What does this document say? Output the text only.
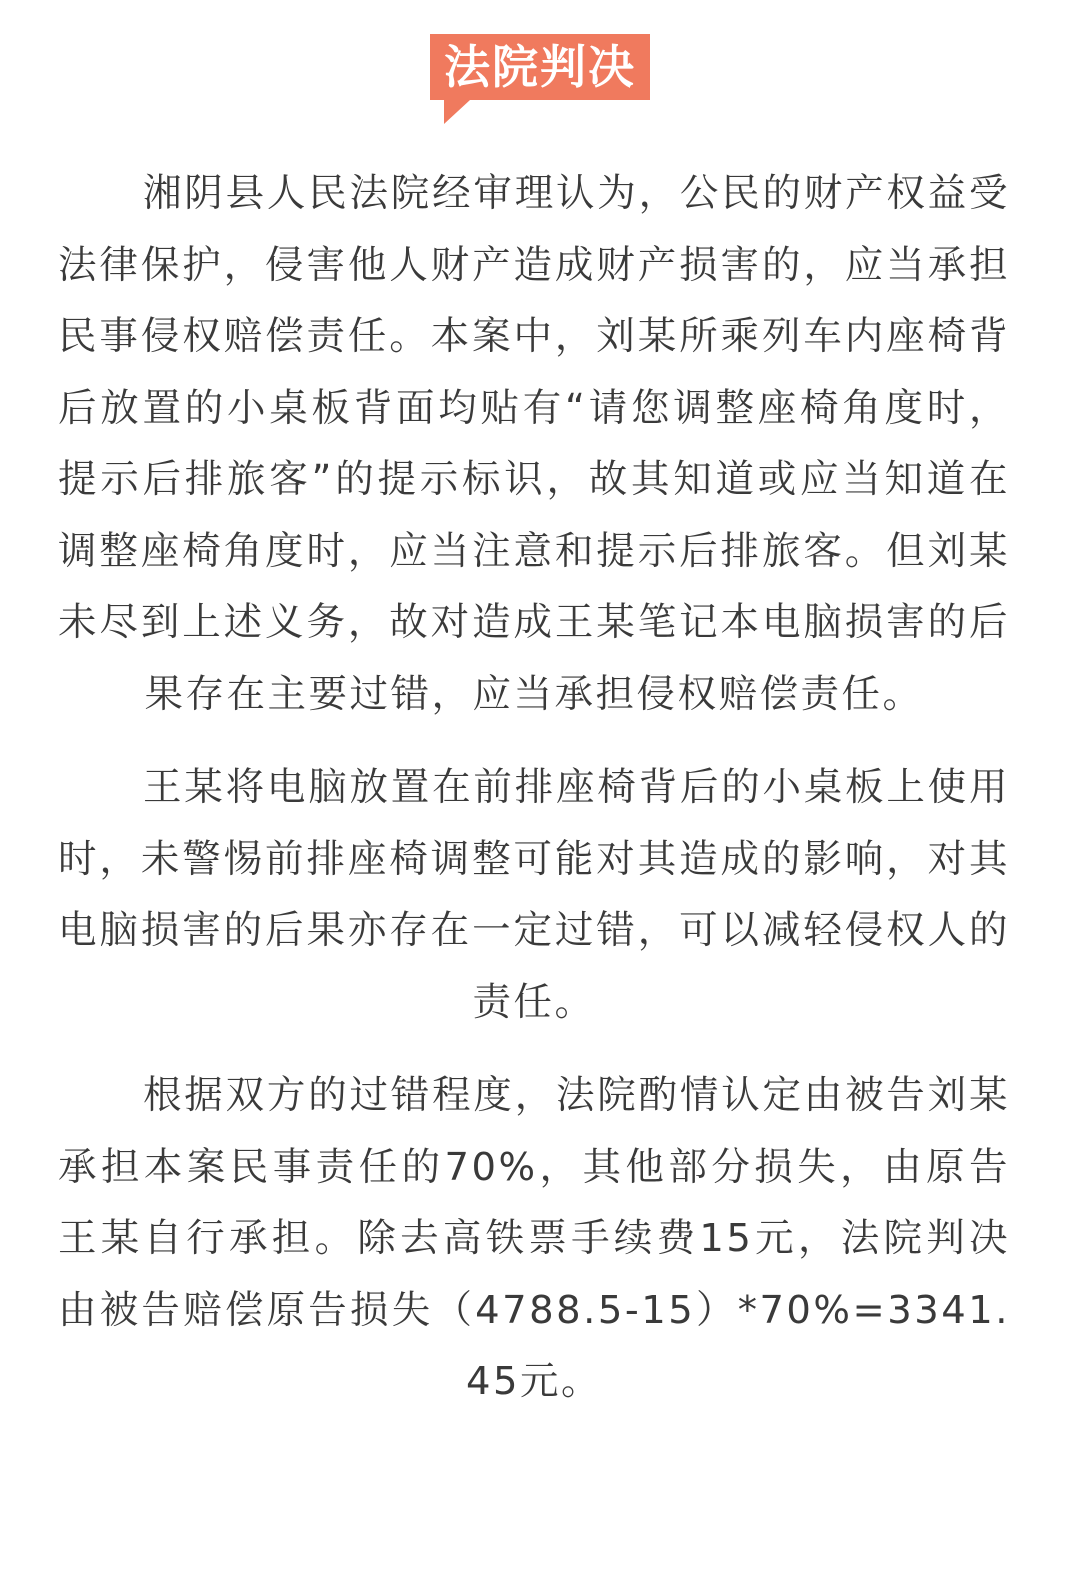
法院判决

湘阴县人民法院经审理认为，公民的财产权益受法律保护，侵害他人财产造成财产损害的，应当承担民事侵权赔偿责任。本案中，刘某所乘列车内座椅背后放置的小桌板背面均贴有“请您调整座椅角度时，提示后排旅客”的提示标识，故其知道或应当知道在调整座椅角度时，应当注意和提示后排旅客。但刘某未尽到上述义务，故对造成王某笔记本电脑损害的后果存在主要过错，应当承担侵权赔偿责任。

王某将电脑放置在前排座椅背后的小桌板上使用时，未警惕前排座椅调整可能对其造成的影响，对其电脑损害的后果亦存在一定过错，可以减轻侵权人的责任。

根据双方的过错程度，法院酌情认定由被告刘某承担本案民事责任的70%，其他部分损失，由原告王某自行承担。除去高铁票手续费15元，法院判决由被告赔偿原告损失（4788.5-15）*70%=3341.45元。
